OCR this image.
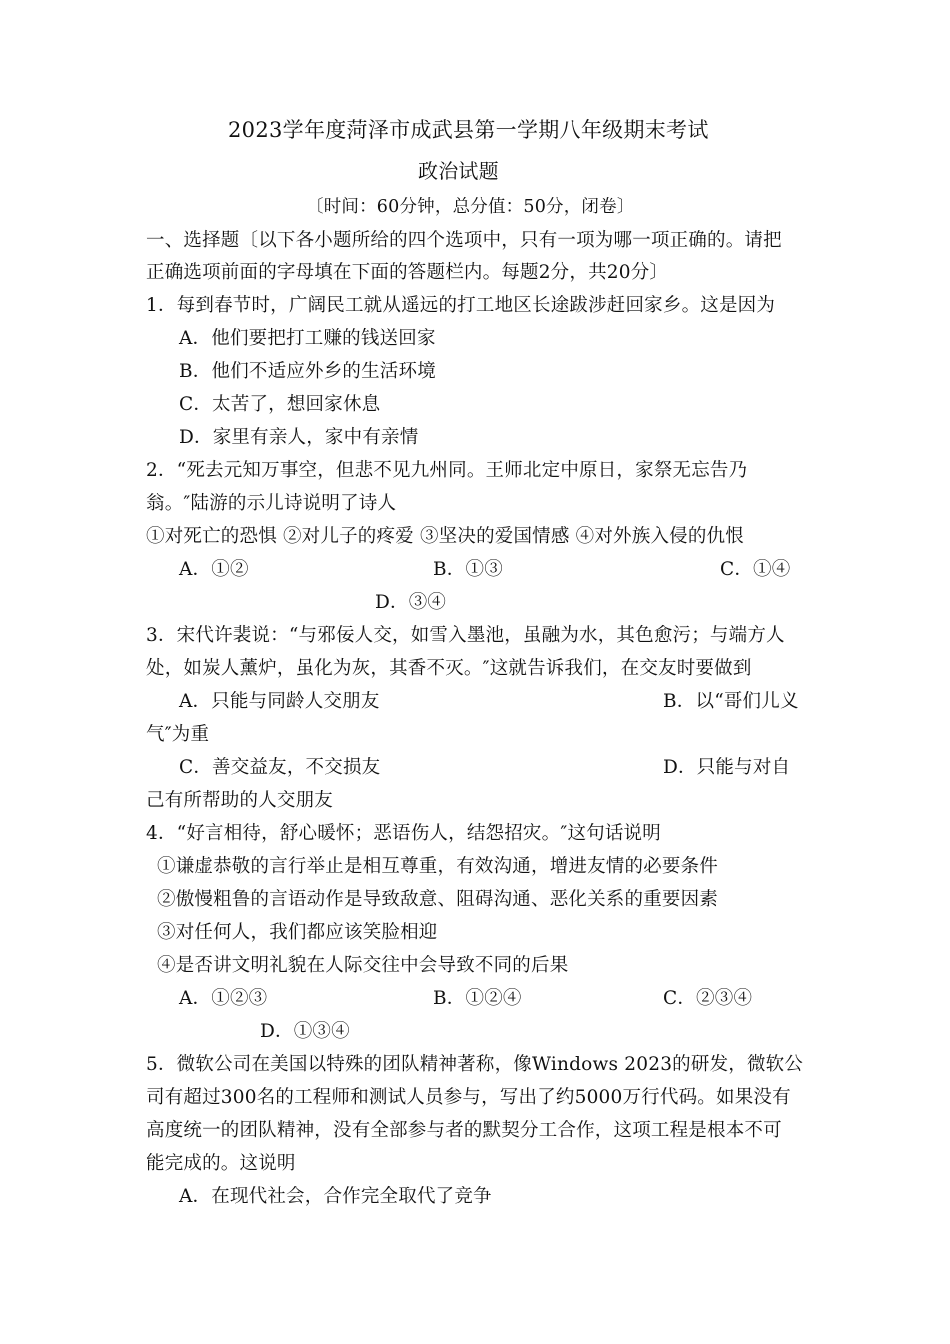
2023学年度菏泽市成武县第一学期八年级期末考试
政治试题
〔时间：60分钟，总分值：50分，闭卷〕
一、选择题〔以下各小题所给的四个选项中，只有一项为哪一项正确的。请把
正确选项前面的字母填在下面的答题栏内。每题2分，共20分〕
1．每到春节时，广阔民工就从遥远的打工地区长途跋涉赶回家乡。这是因为
A．他们要把打工赚的钱送回家
B．他们不适应外乡的生活环境
C．太苦了，想回家休息
D．家里有亲人，家中有亲情
2．“死去元知万事空，但悲不见九州同。王师北定中原日，家祭无忘告乃
翁。″陆游的示儿诗说明了诗人
①对死亡的恐惧 ②对儿子的疼爱 ③坚决的爱国情感 ④对外族入侵的仇恨
A．①②	B．①③	C．①④
D．③④
3．宋代许裴说：“与邪佞人交，如雪入墨池，虽融为水，其色愈污；与端方人
处，如炭人薰炉，虽化为灰，其香不灭。″这就告诉我们，在交友时要做到
A．只能与同龄人交朋友	B．以“哥们儿义
气″为重
C．善交益友，不交损友	D．只能与对自
己有所帮助的人交朋友
4．“好言相待，舒心暖怀；恶语伤人，结怨招灾。″这句话说明
①谦虚恭敬的言行举止是相互尊重，有效沟通，增进友情的必要条件
②傲慢粗鲁的言语动作是导致敌意、阻碍沟通、恶化关系的重要因素
③对任何人，我们都应该笑脸相迎
④是否讲文明礼貌在人际交往中会导致不同的后果
A．①②③	B．①②④	C．②③④
D．①③④
5．微软公司在美国以特殊的团队精神著称，像Windows 2023的研发，微软公
司有超过300名的工程师和测试人员参与，写出了约5000万行代码。如果没有
高度统一的团队精神，没有全部参与者的默契分工合作，这项工程是根本不可
能完成的。这说明
A．在现代社会，合作完全取代了竞争
